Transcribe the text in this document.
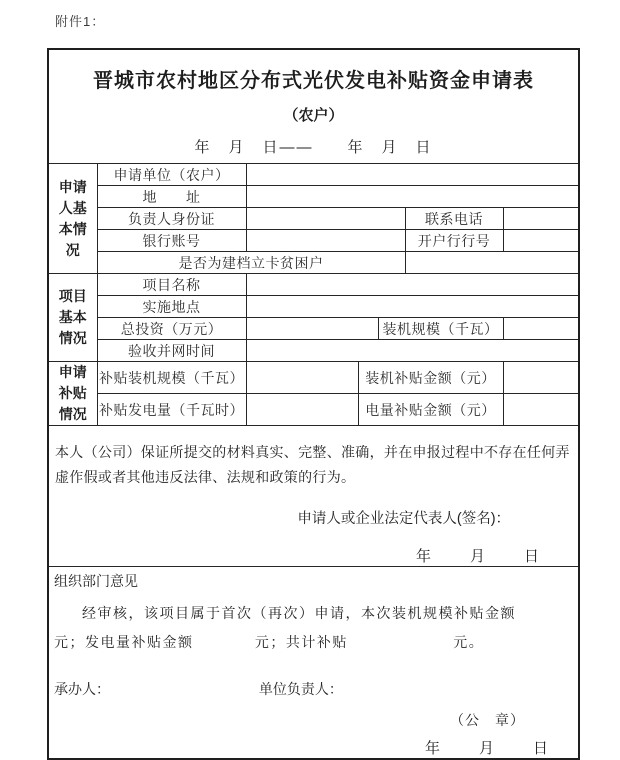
附件1：
晋城市农村地区分布式光伏发电补贴资金申请表
（农户）
年　月　日——　　年　月　日						

申请人基本情况	申请单位（农户）					
	地　　址					
	负责人身份证				联系电话	
	银行账号				开户行行号	
	是否为建档立卡贫困户					
项目基本情况	项目名称					
	实施地点					
	总投资（万元）			装机规模（千瓦）		
	验收并网时间					
申请补贴情况	补贴装机规模（千瓦）		装机补贴金额（元）			
	补贴发电量（千瓦时）		电量补贴金额（元）			

本人（公司）保证所提交的材料真实、完整、准确，并在申报过程中不存在任何弄虚作假或者其他违反法律、法规和政策的行为。
申请人或企业法定代表人(签名)：
年　　月　　日						

组织部门意见
经审核，该项目属于首次（再次）申请，本次装机规模补贴金额
元；发电量补贴金额	元；共计补贴	元。
承办人：	单位负责人：
（公　章）
年　　月　　日
